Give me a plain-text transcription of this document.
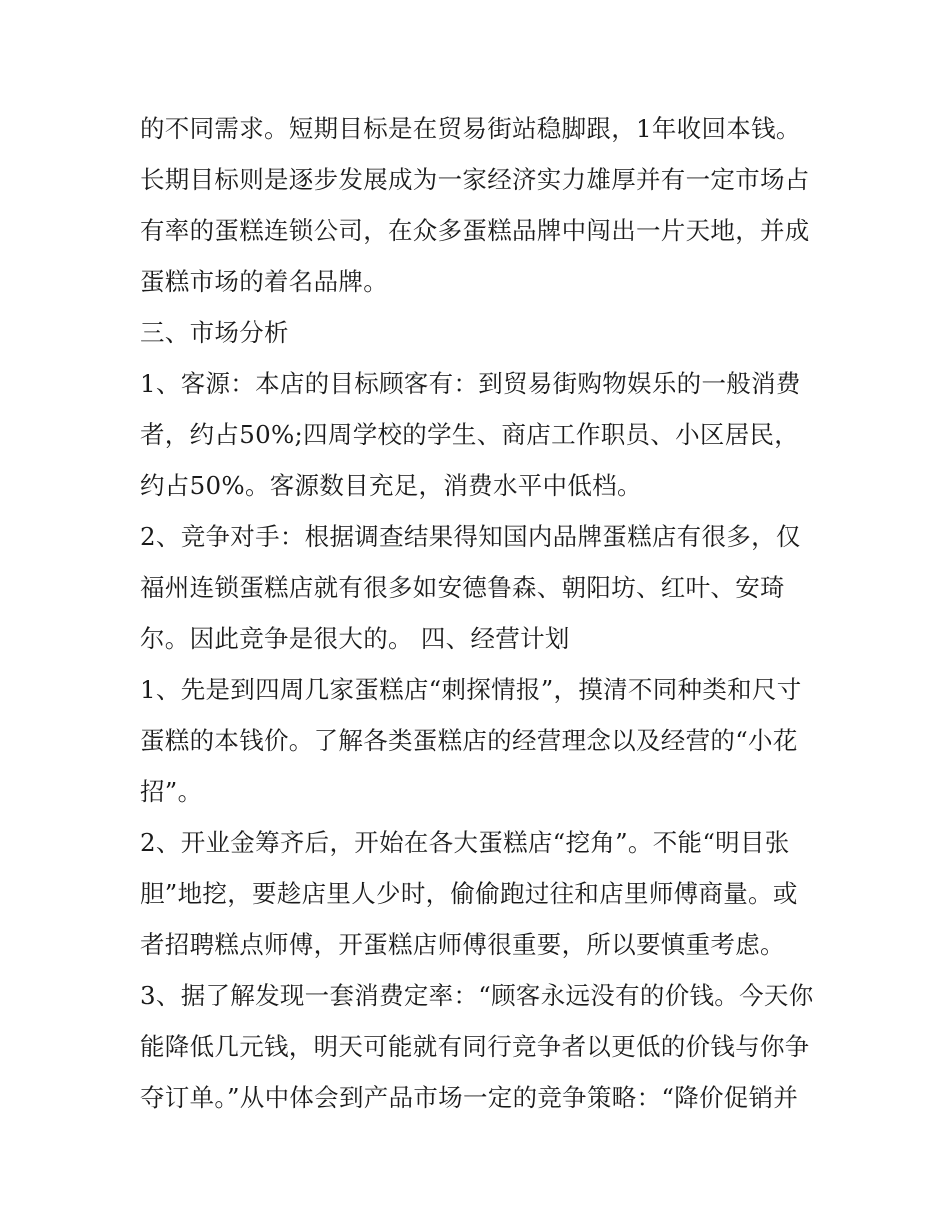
的不同需求。短期目标是在贸易街站稳脚跟，1年收回本钱。
长期目标则是逐步发展成为一家经济实力雄厚并有一定市场占
有率的蛋糕连锁公司，在众多蛋糕品牌中闯出一片天地，并成
蛋糕市场的着名品牌。
三、市场分析
1、客源：本店的目标顾客有：到贸易街购物娱乐的一般消费
者，约占50%;四周学校的学生、商店工作职员、小区居民，
约占50%。客源数目充足，消费水平中低档。
2、竞争对手：根据调查结果得知国内品牌蛋糕店有很多，仅
福州连锁蛋糕店就有很多如安德鲁森、朝阳坊、红叶、安琦
尔。因此竞争是很大的。 四、经营计划
1、先是到四周几家蛋糕店“刺探情报”，摸清不同种类和尺寸
蛋糕的本钱价。了解各类蛋糕店的经营理念以及经营的“小花
招”。
2、开业金筹齐后，开始在各大蛋糕店“挖角”。不能“明目张
胆”地挖，要趁店里人少时，偷偷跑过往和店里师傅商量。或
者招聘糕点师傅，开蛋糕店师傅很重要，所以要慎重考虑。
3、据了解发现一套消费定率：“顾客永远没有的价钱。今天你
能降低几元钱，明天可能就有同行竞争者以更低的价钱与你争
夺订单。”从中体会到产品市场一定的竞争策略：“降价促销并
